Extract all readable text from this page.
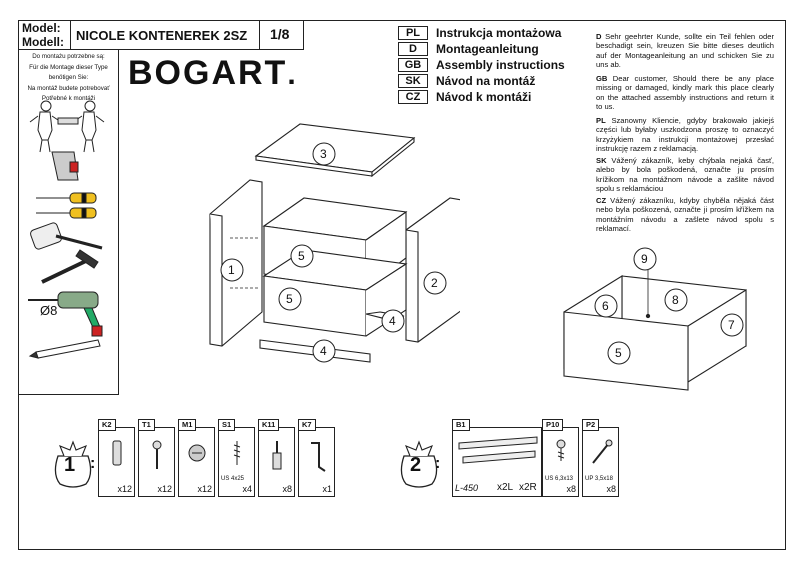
Model:
Modell: NICOLE KONTENEREK 2SZ 1/8
BOGART.
PL	Instrukcja montażowa
D	Montageanleitung
GB	Assembly instructions
SK	Návod na montáž
CZ	Návod k montáži
D Sehr geehrter Kunde, sollte ein Teil fehlen oder beschadigt sein, kreuzen Sie bitte dieses deutlich auf der Montageanleitung an und schicken Sie zu uns ab.
GB Dear customer, Should there be any place missing or damaged, kindly mark this place clearly on the attached assembly instructions and return it to us.
PL Szanowny Kliencie, gdyby brakowało jakiejś części lub byłaby uszkodzona proszę to oznaczyć krzyżykiem na instrukcji montażowej przesłać instrukcję razem z reklamacją.
SK Vážený zákazník, keby chýbala nejaká časť, alebo by bola poškodená, označte ju prosím krížikom na montážnom návode a zašlite návod spolu s reklamáciou
CZ Vážený zákazníku, kdyby chyběla nějaká část nebo byla poškozená, označte ji prosím křížkem na montážním návodu a zašlete návod spolu s reklamací.
Do montażu potrzebne są:
Für die Montage dieser Type
benötigen Sie:
Na montáž budete potrebovať
Potřebné k montáži
Ø8
1
2
3
4
4
5
5
5
6
7
8
9
1 :
K2
x12
T1
x12
M1
x12
S1
US 4x25
x4
K11
x8
K7
x1
2 :
B1
L-450 x2L x2R
P10
US 6,3x13
x8
P2
UP 3,5x18
x8
